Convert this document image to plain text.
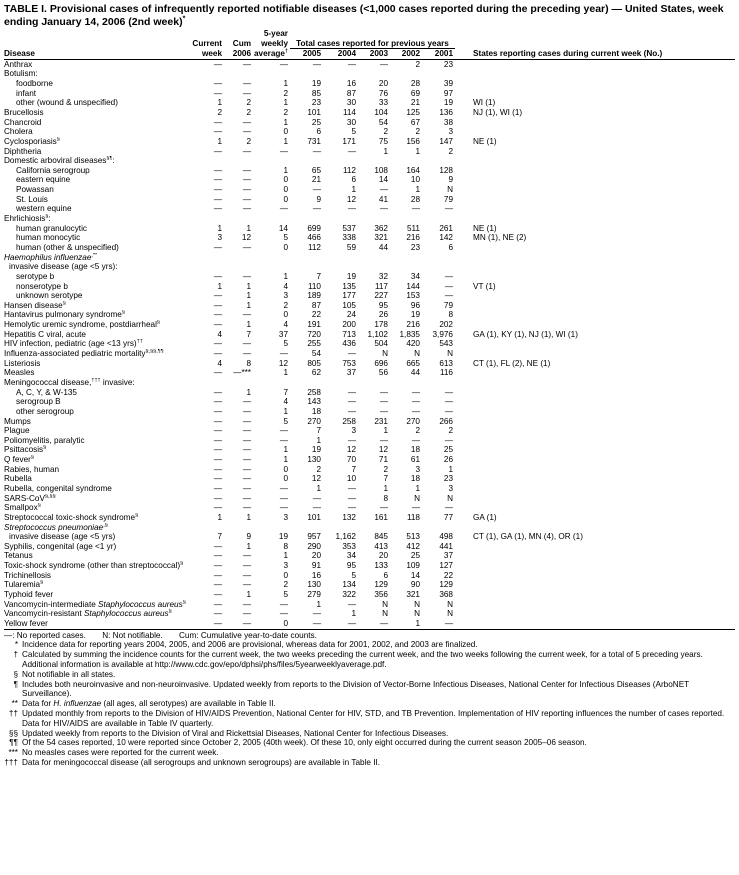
TABLE I. Provisional cases of infrequently reported notifiable diseases (<1,000 cases reported during the preceding year) — United States, week ending January 14, 2006 (2nd week)*
			5-year						
	Current	Cum	weekly	Total cases reported for previous years					
Disease	week	2006	average†	2005	2004	2003	2002	2001	States reporting cases during current week (No.)
Anthrax	—	—	—	—	—	—	2	23	
Botulism:									
foodborne	—	—	1	19	16	20	28	39	
infant	—	—	2	85	87	76	69	97	
other (wound & unspecified)	1	2	1	23	30	33	21	19	WI (1)
Brucellosis	2	2	2	101	114	104	125	136	NJ (1), WI (1)
Chancroid	—	—	1	25	30	54	67	38	
Cholera	—	—	0	6	5	2	2	3	
Cyclosporiasis§	1	2	1	731	171	75	156	147	NE (1)
Diphtheria	—	—	—	—	—	1	1	2	
Domestic arboviral diseases§¶:									
California serogroup	—	—	1	65	112	108	164	128	
eastern equine	—	—	0	21	6	14	10	9	
Powassan	—	—	0	—	1	—	1	N	
St. Louis	—	—	0	9	12	41	28	79	
western equine	—	—	—	—	—	—	—	—	
Ehrlichiosis§:									
human granulocytic	1	1	14	699	537	362	511	261	NE (1)
human monocytic	3	12	5	466	338	321	216	142	MN (1), NE (2)
human (other & unspecified)	—	—	0	112	59	44	23	6	
Haemophilus influenzae,**									
invasive disease (age <5 yrs):									
serotype b	—	—	1	7	19	32	34	—	
nonserotype b	1	1	4	110	135	117	144	—	VT (1)
unknown serotype	—	1	3	189	177	227	153	—	
Hansen disease§	—	1	2	87	105	95	96	79	
Hantavirus pulmonary syndrome§	—	—	0	22	24	26	19	8	
Hemolytic uremic syndrome, postdiarrheal§	—	1	4	191	200	178	216	202	
Hepatitis C viral, acute	4	7	37	720	713	1,102	1,835	3,976	GA (1), KY (1), NJ (1), WI (1)
HIV infection, pediatric (age <13 yrs)††	—	—	5	255	436	504	420	543	
Influenza-associated pediatric mortality§,§§,¶¶	—	—	—	54	—	N	N	N	
Listeriosis	4	8	12	805	753	696	665	613	CT (1), FL (2), NE (1)
Measles	—	—***	1	62	37	56	44	116	
Meningococcal disease,††† invasive:									
A, C, Y, & W-135	—	1	7	258	—	—	—	—	
serogroup B	—	—	4	143	—	—	—	—	
other serogroup	—	—	1	18	—	—	—	—	
Mumps	—	—	5	270	258	231	270	266	
Plague	—	—	—	7	3	1	2	2	
Poliomyelitis, paralytic	—	—	—	1	—	—	—	—	
Psittacosis§	—	—	1	19	12	12	18	25	
Q fever§	—	—	1	130	70	71	61	26	
Rabies, human	—	—	0	2	7	2	3	1	
Rubella	—	—	0	12	10	7	18	23	
Rubella, congenital syndrome	—	—	—	1	—	1	1	3	
SARS-CoV§,§§	—	—	—	—	—	8	N	N	
Smallpox§	—	—	—	—	—	—	—	—	
Streptococcal toxic-shock syndrome§	1	1	3	101	132	161	118	77	GA (1)
Streptococcus pneumoniae,§									
invasive disease (age <5 yrs)	7	9	19	957	1,162	845	513	498	CT (1), GA (1), MN (4), OR (1)
Syphilis, congenital (age <1 yr)	—	1	8	290	353	413	412	441	
Tetanus	—	—	1	20	34	20	25	37	
Toxic-shock syndrome (other than streptococcal)§	—	—	3	91	95	133	109	127	
Trichinellosis	—	—	0	16	5	6	14	22	
Tularemia§	—	—	2	130	134	129	90	129	
Typhoid fever	—	1	5	279	322	356	321	368	
Vancomycin-intermediate Staphylococcus aureus§	—	—	—	1	—	N	N	N	
Vancomycin-resistant Staphylococcus aureus§	—	—	—	—	1	N	N	N	
Yellow fever	—	—	0	—	—	—	1	—	
—: No reported cases. N: Not notifiable. Cum: Cumulative year-to-date counts.
* Incidence data for reporting years 2004, 2005, and 2006 are provisional, whereas data for 2001, 2002, and 2003 are finalized.
† Calculated by summing the incidence counts for the current week, the two weeks preceding the current week, and the two weeks following the current week, for a total of 5 preceding years. Additional information is available at http://www.cdc.gov/epo/dphsi/phs/files/5yearweeklyaverage.pdf.
§ Not notifiable in all states.
¶ Includes both neuroinvasive and non-neuroinvasive. Updated weekly from reports to the Division of Vector-Borne Infectious Diseases, National Center for Infectious Diseases (ArboNET Surveillance).
** Data for H. influenzae (all ages, all serotypes) are available in Table II.
†† Updated monthly from reports to the Division of HIV/AIDS Prevention, National Center for HIV, STD, and TB Prevention. Implementation of HIV reporting influences the number of cases reported. Data for HIV/AIDS are available in Table IV quarterly.
§§ Updated weekly from reports to the Division of Viral and Rickettsial Diseases, National Center for Infectious Diseases.
¶¶ Of the 54 cases reported, 10 were reported since October 2, 2005 (40th week). Of these 10, only eight occurred during the current season 2005–06 season.
*** No measles cases were reported for the current week.
††† Data for meningococcal disease (all serogroups and unknown serogroups) are available in Table II.
